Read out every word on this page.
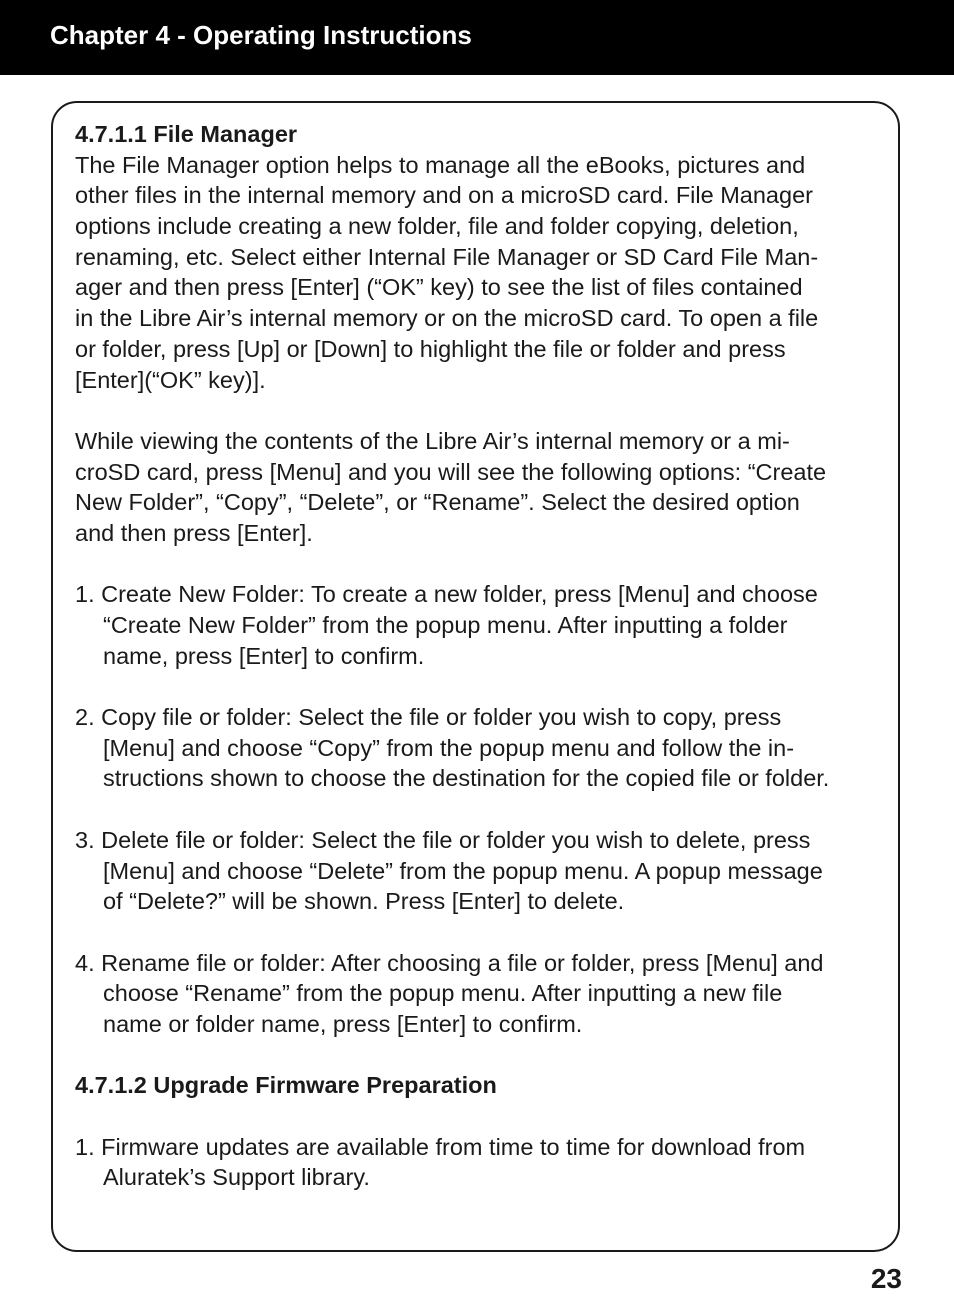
Chapter 4 - Operating Instructions
4.7.1.1 File Manager
The File Manager option helps to manage all the eBooks, pictures and
other files in the internal memory and on a microSD card. File Manager
options include creating a new folder, file and folder copying, deletion,
renaming, etc. Select either Internal File Manager or SD Card File Man-
ager and then press [Enter] (“OK” key) to see the list of files contained
in the Libre Air’s internal memory or on the microSD card. To open a file
or folder, press [Up] or [Down] to highlight the file or folder and press
[Enter](“OK” key)].
While viewing the contents of the Libre Air’s internal memory or a mi-
croSD card, press [Menu] and you will see the following options: “Create
New Folder”, “Copy”, “Delete”, or “Rename”. Select the desired option
and then press [Enter].
1. Create New Folder: To create a new folder, press [Menu] and choose
“Create New Folder” from the popup menu. After inputting a folder
name, press [Enter] to confirm.
2. Copy file or folder: Select the file or folder you wish to copy, press
[Menu] and choose “Copy” from the popup menu and follow the in-
structions shown to choose the destination for the copied file or folder.
3. Delete file or folder: Select the file or folder you wish to delete, press
[Menu] and choose “Delete” from the popup menu. A popup message
of “Delete?” will be shown. Press [Enter] to delete.
4. Rename file or folder: After choosing a file or folder, press [Menu] and
choose “Rename” from the popup menu. After inputting a new file
name or folder name, press [Enter] to confirm.
4.7.1.2 Upgrade Firmware Preparation
1. Firmware updates are available from time to time for download from
Aluratek’s Support library.
23
